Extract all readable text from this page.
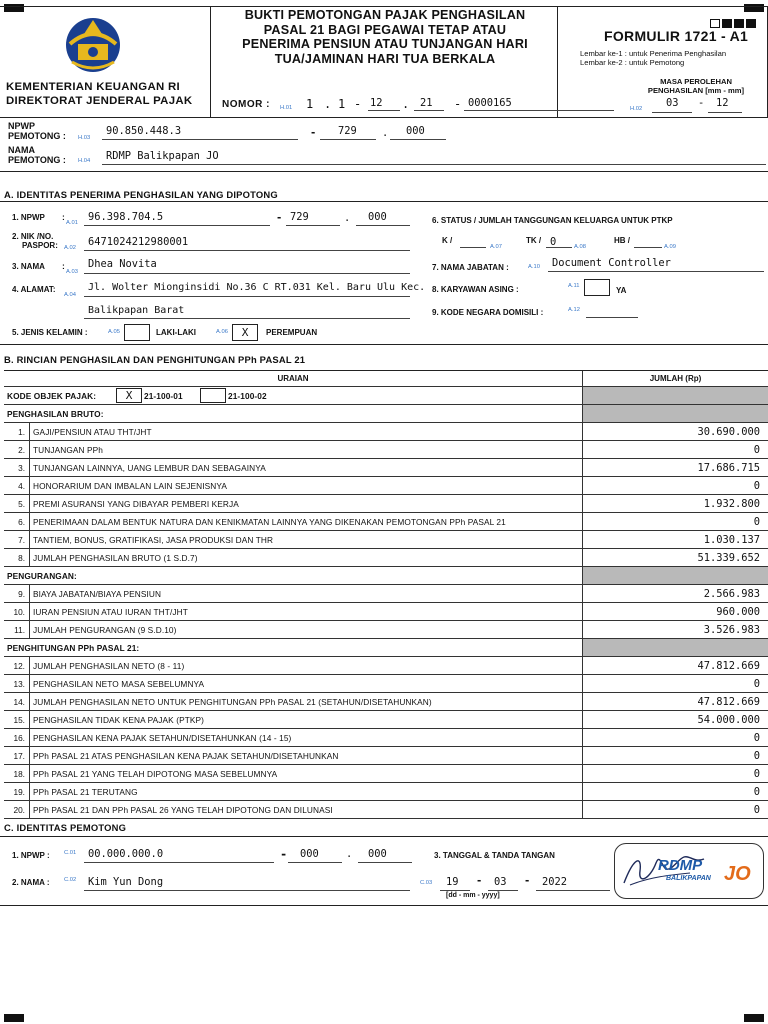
KEMENTERIAN KEUANGAN RI
DIREKTORAT JENDERAL PAJAK
BUKTI PEMOTONGAN PAJAK PENGHASILAN
PASAL 21 BAGI PEGAWAI TETAP ATAU
PENERIMA PENSIUN ATAU TUNJANGAN HARI
TUA/JAMINAN HARI TUA BERKALA
FORMULIR 1721 - A1
Lembar ke-1 : untuk Penerima Penghasilan
Lembar ke-2 : untuk Pemotong
MASA PEROLEHAN
PENGHASILAN [mm - mm]
NOMOR : H.01 1 . 1 - 12 . 21 - 0000165	H.02 03 - 12
NPWP
PEMOTONG : H.03
90.850.448.3	- 729 . 000
NAMA
PEMOTONG : H.04 RDMP Balikpapan JO
A. IDENTITAS PENERIMA PENGHASILAN YANG DIPOTONG
1. NPWP :
A.01 96.398.704.5	- 729	. 000
2. NIK /NO.
PASPOR: A.02 6471024212980001
3. NAMA :
A.03
Dhea Novita
4. ALAMAT:
A.04
Jl. Wolter Mionginsidi No.36 C RT.031 Kel. Baru Ulu Kec.
Balikpapan Barat
5. JENIS KELAMIN :	A.05	LAKI-LAKI	A.06	X	PEREMPUAN
6. STATUS / JUMLAH TANGGUNGAN KELUARGA UNTUK PTKP
K /
A.07
TK / 0	A.08
HB /
A.09
7. NAMA JABATAN :	A.10 Document Controller
8. KARYAWAN ASING :	A.11	YA
9. KODE NEGARA DOMISILI :	A.12
B. RINCIAN PENGHASILAN DAN PENGHITUNGAN PPh PASAL 21
URAIAN	JUMLAH (Rp)
KODE OBJEK PAJAK:	X	21-100-01	21-100-02
PENGHASILAN BRUTO:
1. GAJI/PENSIUN ATAU THT/JHT	30.690.000
2. TUNJANGAN PPh	0
3. TUNJANGAN LAINNYA, UANG LEMBUR DAN SEBAGAINYA	17.686.715
4. HONORARIUM DAN IMBALAN LAIN SEJENISNYA	0
5. PREMI ASURANSI YANG DIBAYAR PEMBERI KERJA	1.932.800
6. PENERIMAAN DALAM BENTUK NATURA DAN KENIKMATAN LAINNYA YANG DIKENAKAN PEMOTONGAN PPh PASAL 21	0
7. TANTIEM, BONUS, GRATIFIKASI, JASA PRODUKSI DAN THR	1.030.137
8. JUMLAH PENGHASILAN BRUTO (1 S.D.7)	51.339.652
PENGURANGAN:
9. BIAYA JABATAN/BIAYA PENSIUN	2.566.983
10. IURAN PENSIUN ATAU IURAN THT/JHT	960.000
11. JUMLAH PENGURANGAN (9 S.D.10)	3.526.983
PENGHITUNGAN PPh PASAL 21:
12. JUMLAH PENGHASILAN NETO (8 - 11)	47.812.669
13. PENGHASILAN NETO MASA SEBELUMNYA	0
14. JUMLAH PENGHASILAN NETO UNTUK PENGHITUNGAN PPh PASAL 21 (SETAHUN/DISETAHUNKAN)	47.812.669
15. PENGHASILAN TIDAK KENA PAJAK (PTKP)	54.000.000
16. PENGHASILAN KENA PAJAK SETAHUN/DISETAHUNKAN (14 - 15)	0
17. PPh PASAL 21 ATAS PENGHASILAN KENA PAJAK SETAHUN/DISETAHUNKAN	0
18. PPh PASAL 21 YANG TELAH DIPOTONG MASA SEBELUMNYA	0
19. PPh PASAL 21 TERUTANG	0
20. PPh PASAL 21 DAN PPh PASAL 26 YANG TELAH DIPOTONG DAN DILUNASI	0
C. IDENTITAS PEMOTONG
1. NPWP : C.01 00.000.000.0	- 000	. 000
2. NAMA :	C.02 Kim Yun Dong
3. TANGGAL & TANDA TANGAN
C.03 19 - 03 - 2022
[dd - mm - yyyy]
RDMP
BALIKPAPAN JO
